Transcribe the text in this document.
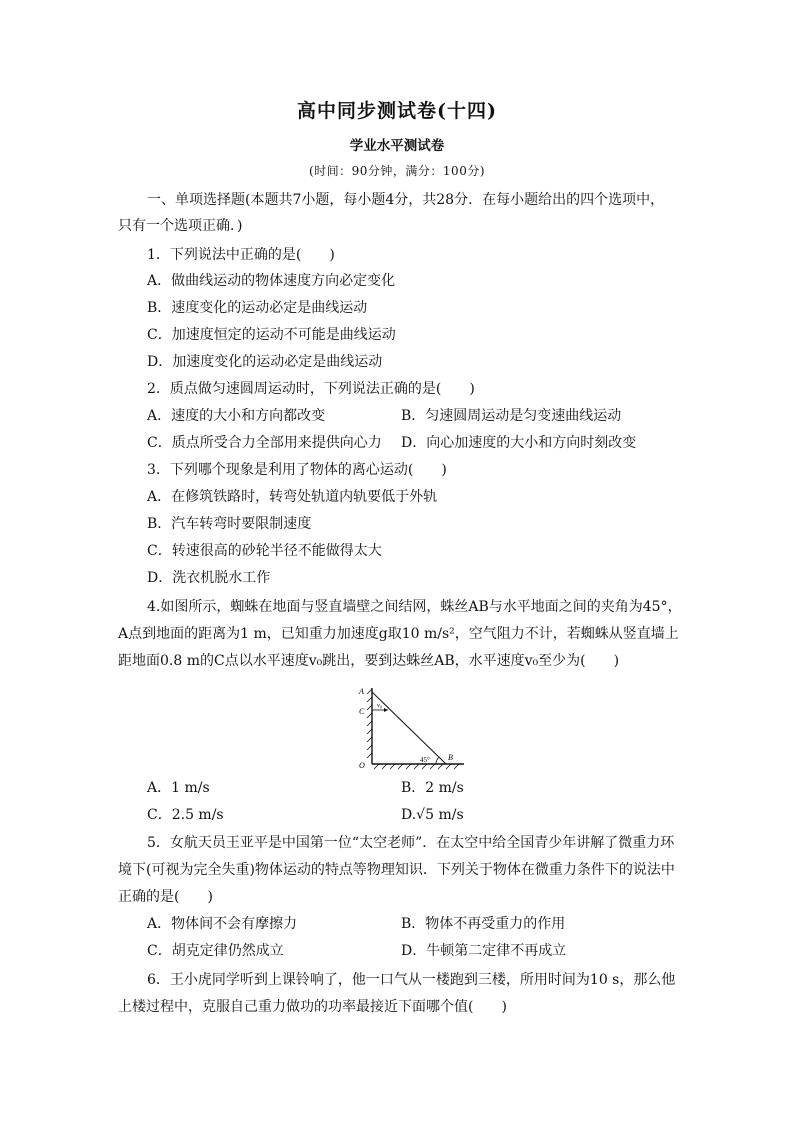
高中同步测试卷(十四)
学业水平测试卷
(时间：90分钟，满分：100分)
一、单项选择题(本题共7小题，每小题4分，共28分．在每小题给出的四个选项中，
只有一个选项正确．)
1．下列说法中正确的是(　　)
A．做曲线运动的物体速度方向必定变化
B．速度变化的运动必定是曲线运动
C．加速度恒定的运动不可能是曲线运动
D．加速度变化的运动必定是曲线运动
2．质点做匀速圆周运动时，下列说法正确的是(　　)
A．速度的大小和方向都改变	B．匀速圆周运动是匀变速曲线运动
C．质点所受合力全部用来提供向心力 D．向心加速度的大小和方向时刻改变
3．下列哪个现象是利用了物体的离心运动(　　)
A．在修筑铁路时，转弯处轨道内轨要低于外轨
B．汽车转弯时要限制速度
C．转速很高的砂轮半径不能做得太大
D．洗衣机脱水工作
4.如图所示，蜘蛛在地面与竖直墙壁之间结网，蛛丝AB与水平地面之间的夹角为45°，
A点到地面的距离为1 m，已知重力加速度g取10 m/s²，空气阻力不计，若蜘蛛从竖直墙上
距地面0.8 m的C点以水平速度v₀跳出，要到达蛛丝AB，水平速度v₀至少为(　　)
A
C
O
B
v₀
45°
A．1 m/s	B．2 m/s
C．2.5 m/s	D.√5 m/s
5．女航天员王亚平是中国第一位“太空老师”．在太空中给全国青少年讲解了微重力环
境下(可视为完全失重)物体运动的特点等物理知识．下列关于物体在微重力条件下的说法中
正确的是(　　)
A．物体间不会有摩擦力	B．物体不再受重力的作用
C．胡克定律仍然成立	D．牛顿第二定律不再成立
6．王小虎同学听到上课铃响了，他一口气从一楼跑到三楼，所用时间为10 s，那么他
上楼过程中，克服自己重力做功的功率最接近下面哪个值(　　)
